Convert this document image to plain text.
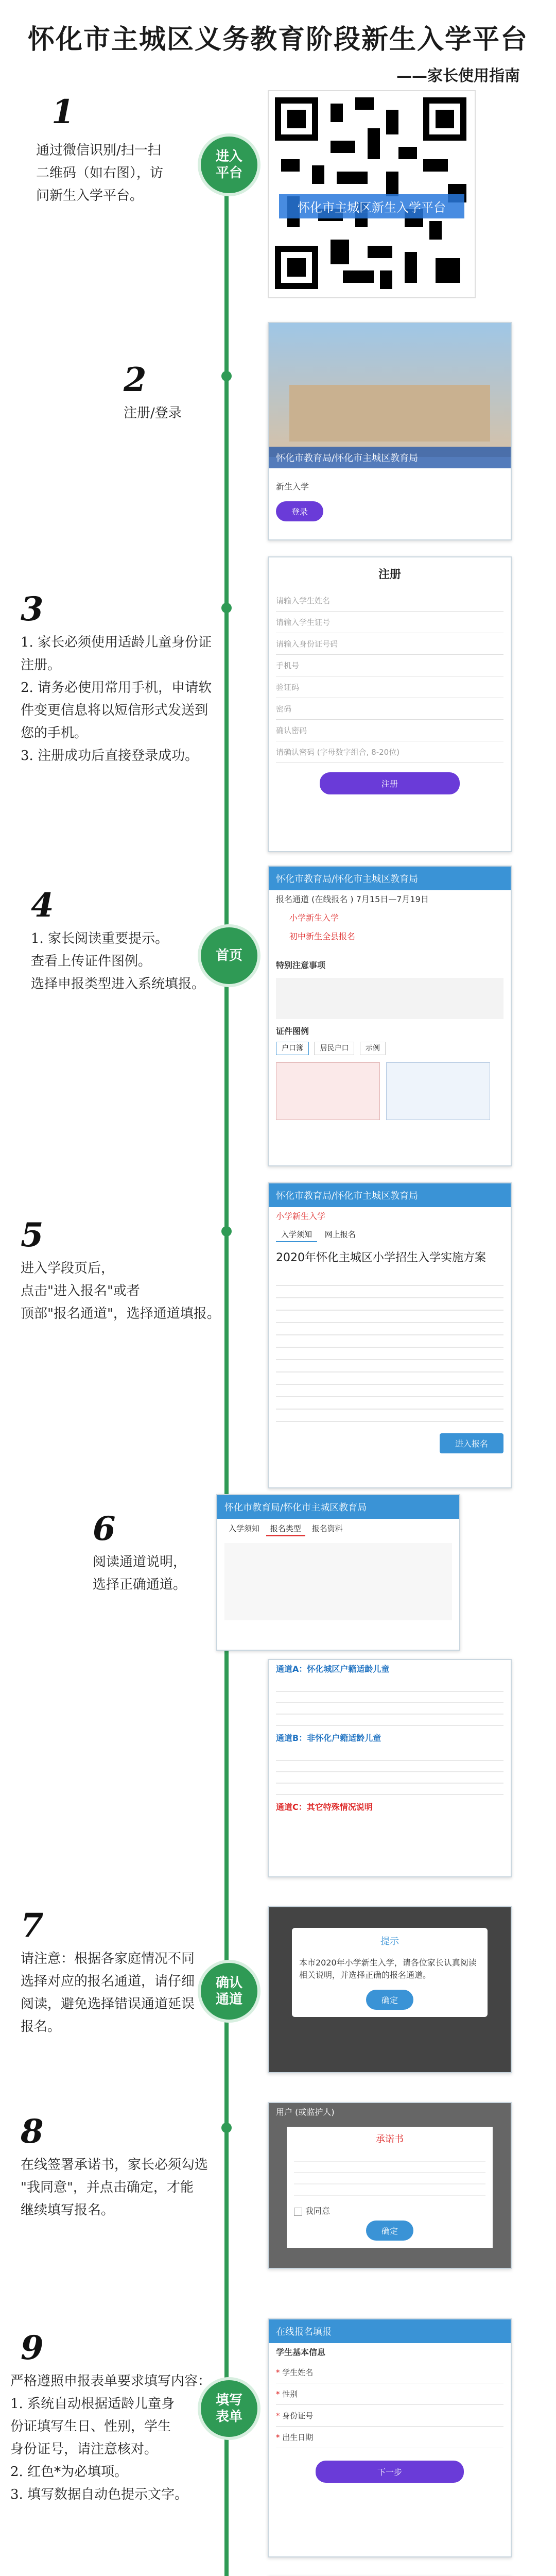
怀化市主城区义务教育阶段新生入学平台
——家长使用指南
1
通过微信识别/扫一扫
二维码（如右图），访
问新生入学平台。
进入
平台
怀化市主城区新生入学平台
2
注册/登录
怀化市教育局/怀化市主城区教育局
新生入学
登录
3
1. 家长必须使用适龄儿童身份证
注册。
2. 请务必使用常用手机，申请软
件变更信息将以短信形式发送到
您的手机。
3. 注册成功后直接登录成功。
注册
请输入学生姓名
请输入学生证号
请输入身份证号码
手机号
验证码
密码
确认密码
请确认密码 (字母数字组合, 8-20位)
注册
4
1. 家长阅读重要提示。
查看上传证件图例。
选择申报类型进入系统填报。
首页
怀化市教育局/怀化市主城区教育局
报名通道 (在线报名 ) 7月15日—7月19日
小学新生入学
初中新生全县报名
特别注意事项
证件图例
户口簿 居民户口 示例
5
进入学段页后，
点击"进入报名"或者
顶部"报名通道"，选择通道填报。
怀化市教育局/怀化市主城区教育局
小学新生入学
入学须知 网上报名
2020年怀化主城区小学招生入学实施方案
进入报名
6
阅读通道说明，
选择正确通道。
怀化市教育局/怀化市主城区教育局
入学须知 报名类型 报名资料
通道A：怀化城区户籍适龄儿童
通道B：非怀化户籍适龄儿童
通道C：其它特殊情况说明
7
请注意：根据各家庭情况不同
选择对应的报名通道，请仔细
阅读，避免选择错误通道延误
报名。
确认
通道
提示
本市2020年小学新生入学，请各位家长认真阅读相关说明，并选择正确的报名通道。
确定
8
在线签署承诺书，家长必须勾选
"我同意"，并点击确定，才能
继续填写报名。
用户 (或监护人)
承诺书
我同意
确定
9
严格遵照申报表单要求填写内容：
1. 系统自动根据适龄儿童身
份证填写生日、性别，学生
身份证号，请注意核对。
2. 红色*为必填项。
3. 填写数据自动色提示文字。
填写
表单
在线报名填报
学生基本信息
* 学生姓名
* 性别
* 身份证号
* 出生日期
下一步
